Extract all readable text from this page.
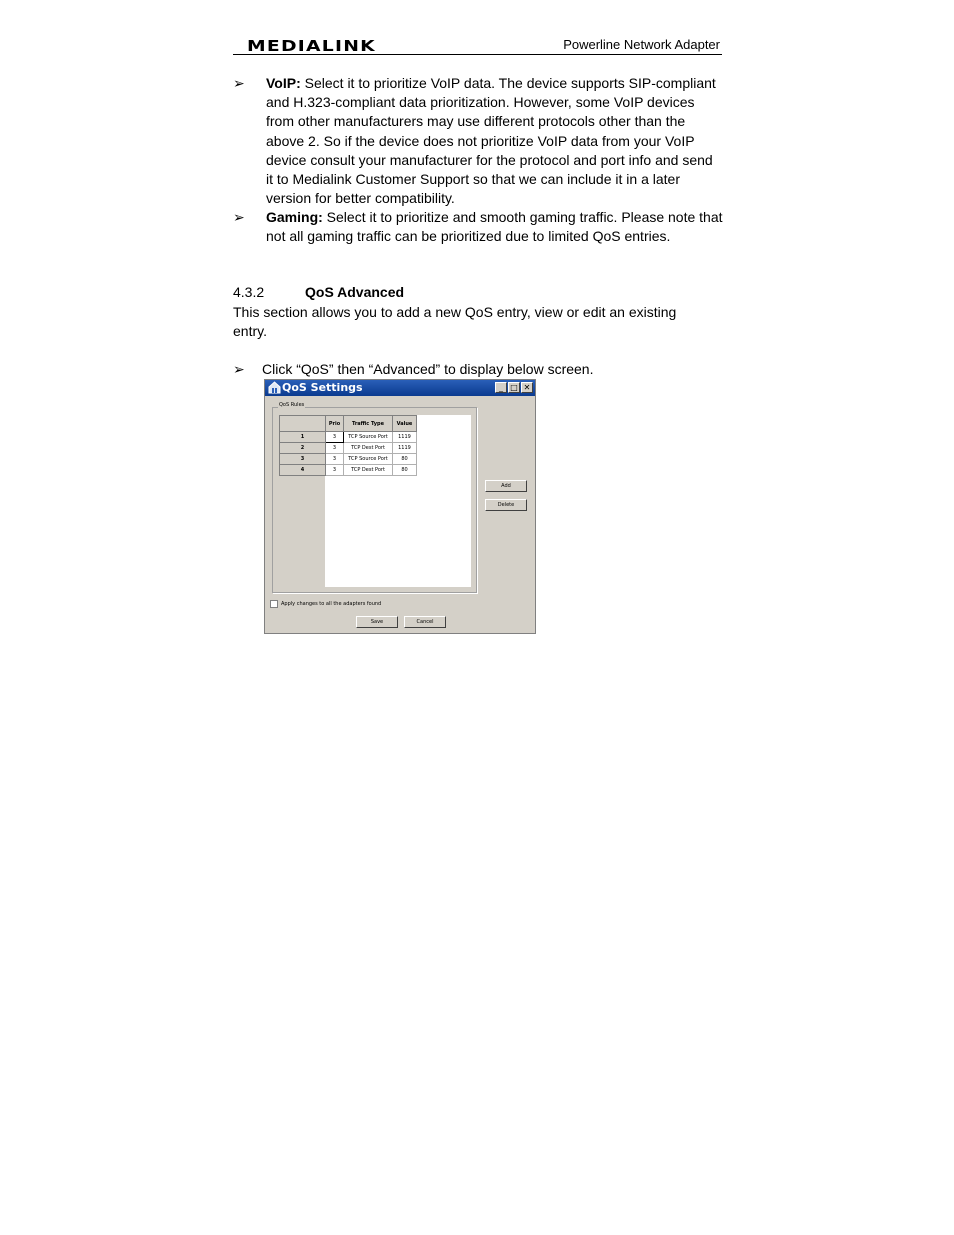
MEDIALINK	Powerline Network Adapter
➢ VoIP: Select it to prioritize VoIP data. The device supports SIP-compliant and H.323-compliant data prioritization. However, some VoIP devices from other manufacturers may use different protocols other than the above 2. So if the device does not prioritize VoIP data from your VoIP device consult your manufacturer for the protocol and port info and send it to Medialink Customer Support so that we can include it in a later version for better compatibility.
➢ Gaming: Select it to prioritize and smooth gaming traffic. Please note that not all gaming traffic can be prioritized due to limited QoS entries.
4.3.2	QoS Advanced
This section allows you to add a new QoS entry, view or edit an existing entry.
➢ Click “QoS” then “Advanced” to display below screen.
QoS Settings	_ □ ✕
QoS Rules
	Prio	Traffic Type	Value
1	3	TCP Source Port	1119
2	3	TCP Dest Port	1119
3	3	TCP Source Port	80
4	3	TCP Dest Port	80
Add
Delete
Apply changes to all the adapters found
Save	Cancel
